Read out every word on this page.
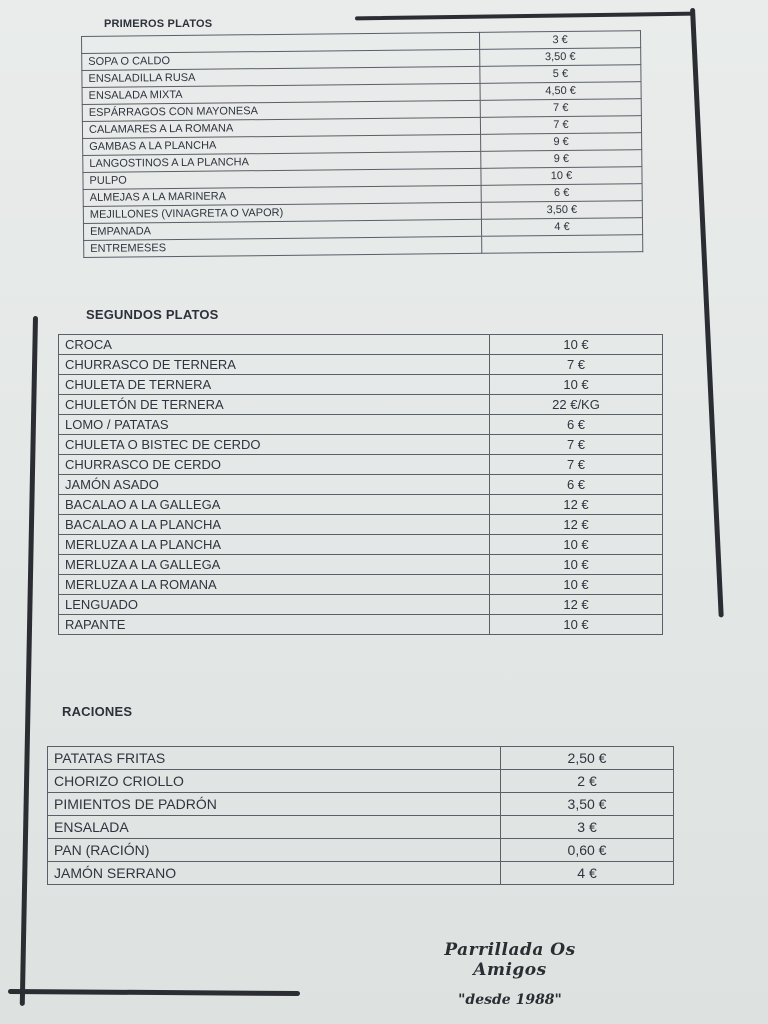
PRIMEROS PLATOS
	3 €
SOPA O CALDO	3,50 €
ENSALADILLA RUSA	5 €
ENSALADA MIXTA	4,50 €
ESPÁRRAGOS CON MAYONESA	7 €
CALAMARES A LA ROMANA	7 €
GAMBAS A LA PLANCHA	9 €
LANGOSTINOS A LA PLANCHA	9 €
PULPO	10 €
ALMEJAS A LA MARINERA	6 €
MEJILLONES (VINAGRETA O VAPOR)	3,50 €
EMPANADA	4 €
ENTREMESES	
SEGUNDOS PLATOS
CROCA	10 €
CHURRASCO DE TERNERA	7 €
CHULETA DE TERNERA	10 €
CHULETÓN DE TERNERA	22 €/KG
LOMO / PATATAS	6 €
CHULETA O BISTEC DE CERDO	7 €
CHURRASCO DE CERDO	7 €
JAMÓN ASADO	6 €
BACALAO A LA GALLEGA	12 €
BACALAO A LA PLANCHA	12 €
MERLUZA A LA PLANCHA	10 €
MERLUZA A LA GALLEGA	10 €
MERLUZA A LA ROMANA	10 €
LENGUADO	12 €
RAPANTE	10 €
RACIONES
PATATAS FRITAS	2,50 €
CHORIZO CRIOLLO	2 €
PIMIENTOS DE PADRÓN	3,50 €
ENSALADA	3 €
PAN (RACIÓN)	0,60 €
JAMÓN SERRANO	4 €
Parrillada Os Amigos
"desde 1988"
